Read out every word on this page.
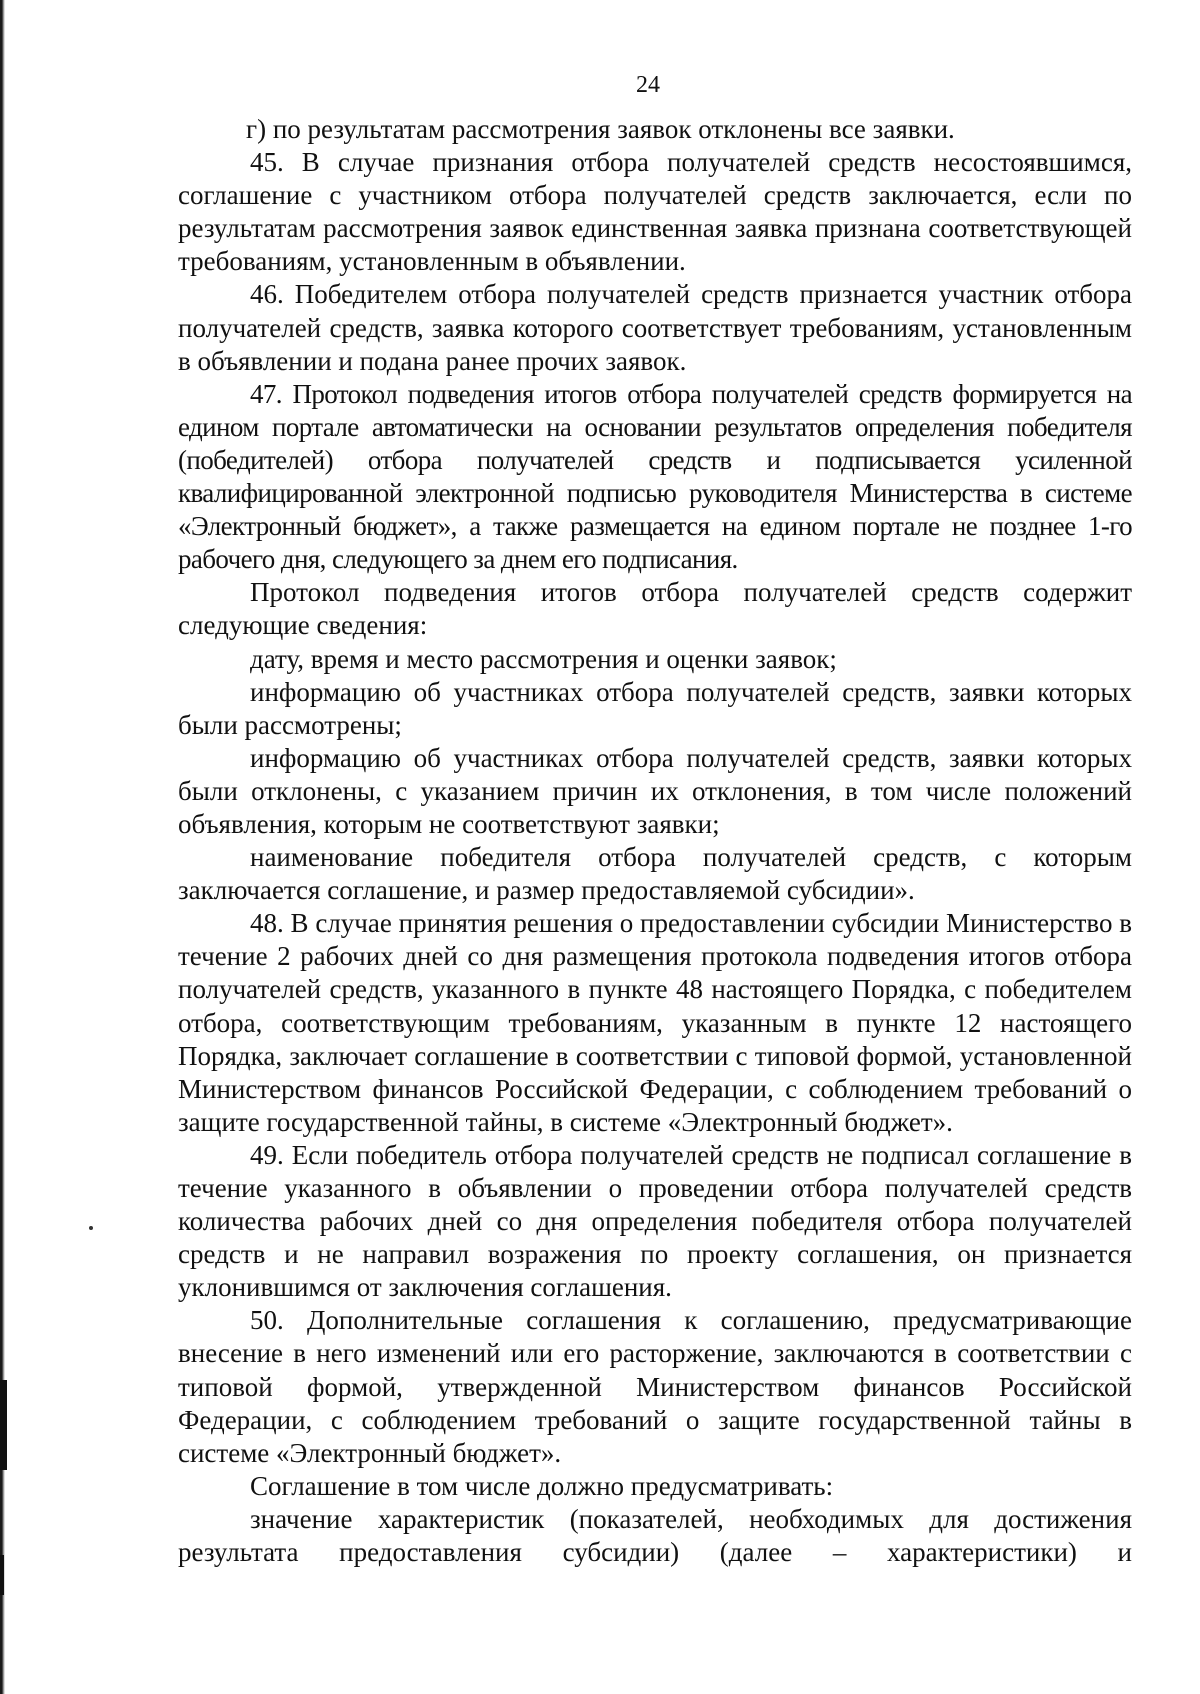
24

г) по результатам рассмотрения заявок отклонены все заявки.

45. В случае признания отбора получателей средств несостоявшимся, соглашение с участником отбора получателей средств заключается, если по результатам рассмотрения заявок единственная заявка признана соответствующей требованиям, установленным в объявлении.

46. Победителем отбора получателей средств признается участник отбора получателей средств, заявка которого соответствует требованиям, установленным в объявлении и подана ранее прочих заявок.

47. Протокол подведения итогов отбора получателей средств формируется на едином портале автоматически на основании результатов определения победителя (победителей) отбора получателей средств и подписывается усиленной квалифицированной электронной подписью руководителя Министерства в системе «Электронный бюджет», а также размещается на едином портале не позднее 1-го рабочего дня, следующего за днем его подписания.

Протокол подведения итогов отбора получателей средств содержит следующие сведения:

дату, время и место рассмотрения и оценки заявок;

информацию об участниках отбора получателей средств, заявки которых были рассмотрены;

информацию об участниках отбора получателей средств, заявки которых были отклонены, с указанием причин их отклонения, в том числе положений объявления, которым не соответствуют заявки;

наименование победителя отбора получателей средств, с которым заключается соглашение, и размер предоставляемой субсидии».

48. В случае принятия решения о предоставлении субсидии Министерство в течение 2 рабочих дней со дня размещения протокола подведения итогов отбора получателей средств, указанного в пункте 48 настоящего Порядка, с победителем отбора, соответствующим требованиям, указанным в пункте 12 настоящего Порядка, заключает соглашение в соответствии с типовой формой, установленной Министерством финансов Российской Федерации, с соблюдением требований о защите государственной тайны, в системе «Электронный бюджет».

49. Если победитель отбора получателей средств не подписал соглашение в течение указанного в объявлении о проведении отбора получателей средств количества рабочих дней со дня определения победителя отбора получателей средств и не направил возражения по проекту соглашения, он признается уклонившимся от заключения соглашения.

50. Дополнительные соглашения к соглашению, предусматривающие внесение в него изменений или его расторжение, заключаются в соответствии с типовой формой, утвержденной Министерством финансов Российской Федерации, с соблюдением требований о защите государственной тайны в системе «Электронный бюджет».

Соглашение в том числе должно предусматривать:

значение характеристик (показателей, необходимых для достижения результата предоставления субсидии) (далее – характеристики) и
